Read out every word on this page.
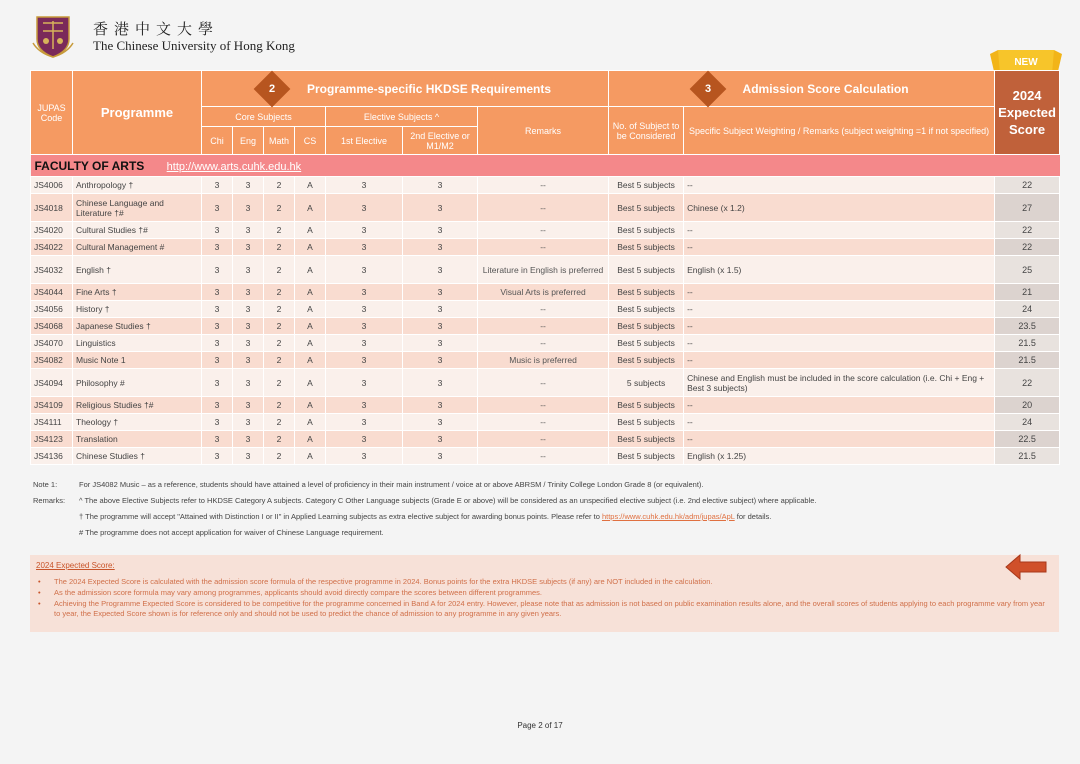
香港中文大學
The Chinese University of Hong Kong
NEW
JUPAS Code	Programme	2 Programme-specific HKDSE Requirements							3 Admission Score Calculation		2024 Expected Score
		Core Subjects				Elective Subjects ^		Remarks	No. of Subject to be Considered	Specific Subject Weighting / Remarks (subject weighting =1 if not specified)	
		Chi	Eng	Math	CS	1st Elective	2nd Elective or M1/M2				
FACULTY OF ARTS http://www.arts.cuhk.edu.hk											
JS4006	Anthropology †	3	3	2	A	3	3	--	Best 5 subjects	--	22
JS4018	Chinese Language and Literature †#	3	3	2	A	3	3	--	Best 5 subjects	Chinese (x 1.2)	27
JS4020	Cultural Studies †#	3	3	2	A	3	3	--	Best 5 subjects	--	22
JS4022	Cultural Management #	3	3	2	A	3	3	--	Best 5 subjects	--	22
JS4032	English †	3	3	2	A	3	3	Literature in English is preferred	Best 5 subjects	English (x 1.5)	25
JS4044	Fine Arts †	3	3	2	A	3	3	Visual Arts is preferred	Best 5 subjects	--	21
JS4056	History †	3	3	2	A	3	3	--	Best 5 subjects	--	24
JS4068	Japanese Studies †	3	3	2	A	3	3	--	Best 5 subjects	--	23.5
JS4070	Linguistics	3	3	2	A	3	3	--	Best 5 subjects	--	21.5
JS4082	Music Note 1	3	3	2	A	3	3	Music is preferred	Best 5 subjects	--	21.5
JS4094	Philosophy #	3	3	2	A	3	3	--	5 subjects	Chinese and English must be included in the score calculation (i.e. Chi + Eng + Best 3 subjects)	22
JS4109	Religious Studies †#	3	3	2	A	3	3	--	Best 5 subjects	--	20
JS4111	Theology †	3	3	2	A	3	3	--	Best 5 subjects	--	24
JS4123	Translation	3	3	2	A	3	3	--	Best 5 subjects	--	22.5
JS4136	Chinese Studies †	3	3	2	A	3	3	--	Best 5 subjects	English (x 1.25)	21.5
Note 1:	For JS4082 Music – as a reference, students should have attained a level of proficiency in their main instrument / voice at or above ABRSM / Trinity College London Grade 8 (or equivalent).
Remarks: ^ The above Elective Subjects refer to HKDSE Category A subjects. Category C Other Language subjects (Grade E or above) will be considered as an unspecified elective subject (i.e. 2nd elective subject) where applicable.
† The programme will accept "Attained with Distinction I or II" in Applied Learning subjects as extra elective subject for awarding bonus points. Please refer to https://www.cuhk.edu.hk/adm/jupas/ApL for details.
# The programme does not accept application for waiver of Chinese Language requirement.
2024 Expected Score:
• The 2024 Expected Score is calculated with the admission score formula of the respective programme in 2024. Bonus points for the extra HKDSE subjects (if any) are NOT included in the calculation.
• As the admission score formula may vary among programmes, applicants should avoid directly compare the scores between different programmes.
• Achieving the Programme Expected Score is considered to be competitive for the programme concerned in Band A for 2024 entry. However, please note that as admission is not based on public examination results alone, and the overall scores of students applying to each programme vary from year to year, the Expected Score shown is for reference only and should not be used to predict the chance of admission to any programme in any given years.
Page 2 of 17
